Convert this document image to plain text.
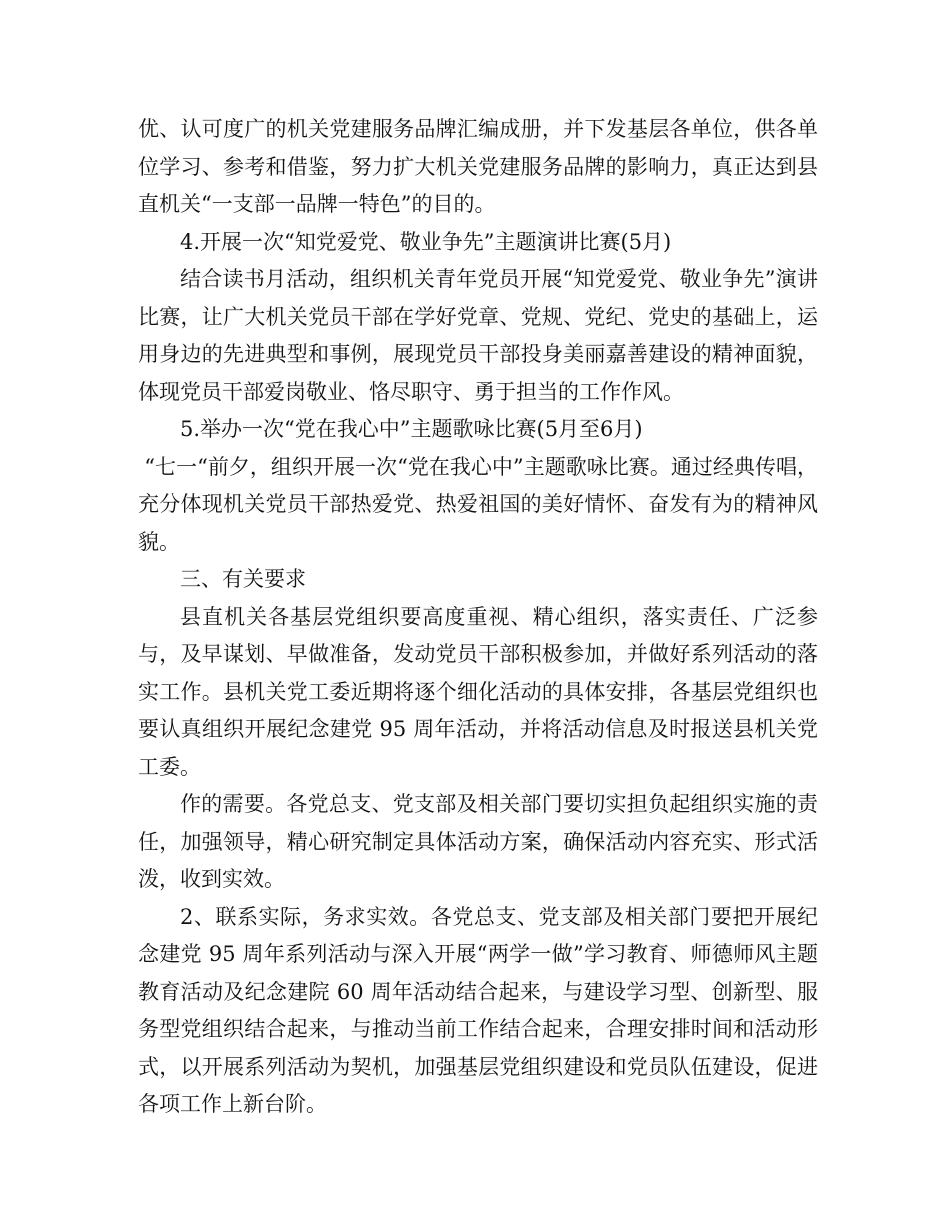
优、认可度广的机关党建服务品牌汇编成册，并下发基层各单位，供各单位学习、参考和借鉴，努力扩大机关党建服务品牌的影响力，真正达到县直机关“一支部一品牌一特色”的目的。

4.开展一次“知党爱党、敬业争先”主题演讲比赛(5月)

结合读书月活动，组织机关青年党员开展“知党爱党、敬业争先”演讲比赛，让广大机关党员干部在学好党章、党规、党纪、党史的基础上，运用身边的先进典型和事例，展现党员干部投身美丽嘉善建设的精神面貌，体现党员干部爱岗敬业、恪尽职守、勇于担当的工作作风。

5.举办一次“党在我心中”主题歌咏比赛(5月至6月)

“七一“前夕，组织开展一次“党在我心中”主题歌咏比赛。通过经典传唱，充分体现机关党员干部热爱党、热爱祖国的美好情怀、奋发有为的精神风貌。

三、有关要求

县直机关各基层党组织要高度重视、精心组织，落实责任、广泛参与，及早谋划、早做准备，发动党员干部积极参加，并做好系列活动的落实工作。县机关党工委近期将逐个细化活动的具体安排，各基层党组织也要认真组织开展纪念建党 95 周年活动，并将活动信息及时报送县机关党工委。

作的需要。各党总支、党支部及相关部门要切实担负起组织实施的责任，加强领导，精心研究制定具体活动方案，确保活动内容充实、形式活泼，收到实效。

2、联系实际，务求实效。各党总支、党支部及相关部门要把开展纪念建党 95 周年系列活动与深入开展“两学一做”学习教育、师德师风主题教育活动及纪念建院 60 周年活动结合起来，与建设学习型、创新型、服务型党组织结合起来，与推动当前工作结合起来，合理安排时间和活动形式，以开展系列活动为契机，加强基层党组织建设和党员队伍建设，促进各项工作上新台阶。
